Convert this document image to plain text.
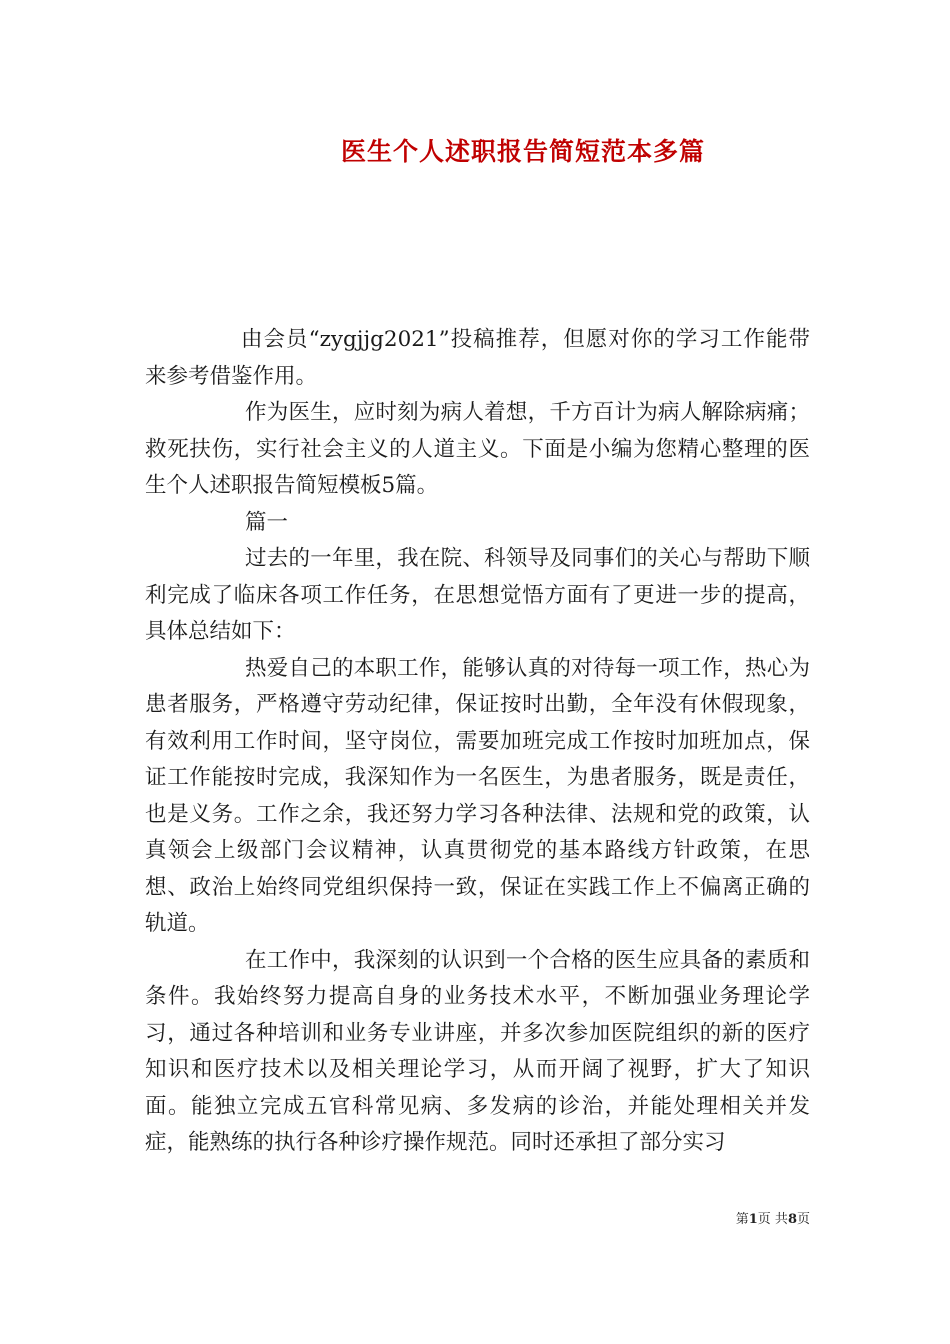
医生个人述职报告简短范本多篇

由会员“zygjjg2021”投稿推荐，但愿对你的学习工作能带来参考借鉴作用。

作为医生，应时刻为病人着想，千方百计为病人解除病痛；救死扶伤，实行社会主义的人道主义。下面是小编为您精心整理的医生个人述职报告简短模板5篇。

篇一

过去的一年里，我在院、科领导及同事们的关心与帮助下顺利完成了临床各项工作任务，在思想觉悟方面有了更进一步的提高，具体总结如下：

热爱自己的本职工作，能够认真的对待每一项工作，热心为患者服务，严格遵守劳动纪律，保证按时出勤，全年没有休假现象，有效利用工作时间，坚守岗位，需要加班完成工作按时加班加点，保证工作能按时完成，我深知作为一名医生，为患者服务，既是责任，也是义务。工作之余，我还努力学习各种法律、法规和党的政策，认真领会上级部门会议精神，认真贯彻党的基本路线方针政策，在思想、政治上始终同党组织保持一致，保证在实践工作上不偏离正确的轨道。

在工作中，我深刻的认识到一个合格的医生应具备的素质和条件。我始终努力提高自身的业务技术水平，不断加强业务理论学习，通过各种培训和业务专业讲座，并多次参加医院组织的新的医疗知识和医疗技术以及相关理论学习，从而开阔了视野，扩大了知识面。能独立完成五官科常见病、多发病的诊治，并能处理相关并发症，能熟练的执行各种诊疗操作规范。同时还承担了部分实习

第1页 共8页
